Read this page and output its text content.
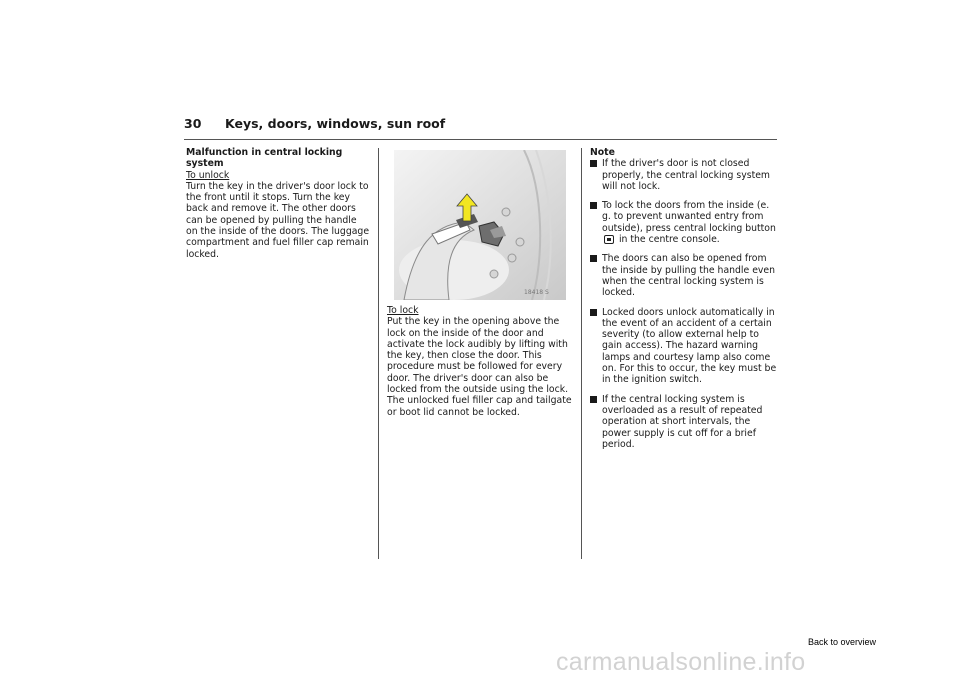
30 Keys, doors, windows, sun roof
Malfunction in central locking system
To unlock

Turn the key in the driver's door lock to the front until it stops. Turn the key back and remove it. The other doors can be opened by pulling the handle on the inside of the doors. The luggage compartment and fuel filler cap remain locked.

18418 S
To lock

Put the key in the opening above the lock on the inside of the door and activate the lock audibly by lifting with the key, then close the door. This procedure must be followed for every door. The driver's door can also be locked from the outside using the lock. The unlocked fuel filler cap and tailgate or boot lid cannot be locked.

Note
If the driver's door is not closed properly, the central locking system will not lock.
To lock the doors from the inside (e. g. to prevent unwanted entry from outside), press central locking button  in the centre console.
The doors can also be opened from the inside by pulling the handle even when the central locking system is locked.
Locked doors unlock automatically in the event of an accident of a certain severity (to allow external help to gain access). The hazard warning lamps and courtesy lamp also come on. For this to occur, the key must be in the ignition switch.
If the central locking system is overloaded as a result of repeated operation at short intervals, the power supply is cut off for a brief period.
Back to overview
carmanualsonline.info
